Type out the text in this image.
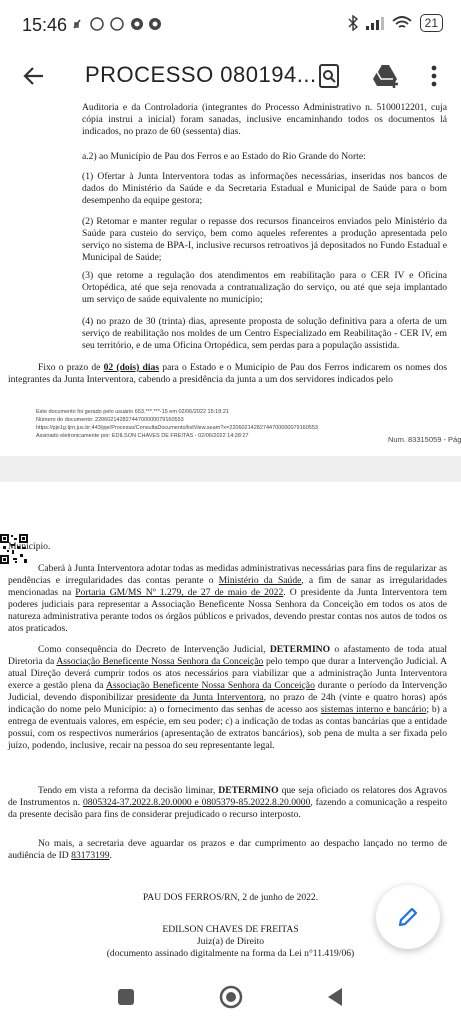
15:46	21
PROCESSO 080194...

Auditoria e da Controladoria (integrantes do Processo Administrativo n. 5100012201, cuja cópia instrui a inicial) foram sanadas, inclusive encaminhando todos os documentos lá indicados, no prazo de 60 (sessenta) dias.

a.2) ao Município de Pau dos Ferros e ao Estado do Rio Grande do Norte:

(1) Ofertar à Junta Interventora todas as informações necessárias, inseridas nos bancos de dados do Ministério da Saúde e da Secretaria Estadual e Municipal de Saúde para o bom desempenho da equipe gestora;

(2) Retomar e manter regular o repasse dos recursos financeiros enviados pelo Ministério da Saúde para custeio do serviço, bem como aqueles referentes a produção apresentada pelo serviço no sistema de BPA-I, inclusive recursos retroativos já depositados no Fundo Estadual e Municipal de Saúde;

(3) que retome a regulação dos atendimentos em reabilitação para o CER IV e Oficina Ortopédica, até que seja renovada a contratualização do serviço, ou até que seja implantado um serviço de saúde equivalente no município;

(4) no prazo de 30 (trinta) dias, apresente proposta de solução definitiva para a oferta de um serviço de reabilitação nos moldes de um Centro Especializado em Reabilitação - CER IV, em seu território, e de uma Oficina Ortopédica, sem perdas para a população assistida.

Fixo o prazo de 02 (dois) dias para o Estado e o Município de Pau dos Ferros indicarem os nomes dos integrantes da Junta Interventora, cabendo a presidência da junta a um dos servidores indicados pelo

Este documento foi gerado pelo usuário 653.***.***-15 em 02/06/2022 15:18:21
Número do documento: 22060214282744700000079160553
https://pje1g.tjrn.jus.br:443/pje/Processo/ConsultaDocumento/listView.seam?x=22060214282744700000079160553
Assinado eletronicamente por: EDILSON CHAVES DE FREITAS - 02/06/2022 14:28:27	Num. 83315059 - Pág

Município.

Caberá à Junta Interventora adotar todas as medidas administrativas necessárias para fins de regularizar as pendências e irregularidades das contas perante o Ministério da Saúde, a fim de sanar as irregularidades mencionadas na Portaria GM/MS Nº 1.279, de 27 de maio de 2022. O presidente da Junta Interventora tem poderes judiciais para representar a Associação Beneficente Nossa Senhora da Conceição em todos os atos de natureza administrativa perante todos os órgãos públicos e privados, devendo prestar contas nos autos de todos os atos praticados.

Como consequência do Decreto de Intervenção Judicial, DETERMINO o afastamento de toda atual Diretoria da Associação Beneficente Nossa Senhora da Conceição pelo tempo que durar a Intervenção Judicial. A atual Direção deverá cumprir todos os atos necessários para viabilizar que a administração Junta Interventora exerce a gestão plena da Associação Beneficente Nossa Senhora da Conceição durante o período da Intervenção Judicial, devendo disponibilizar presidente da Junta Interventora, no prazo de 24h (vinte e quatro horas) após indicação do nome pelo Município: a) o fornecimento das senhas de acesso aos sistemas interno e bancário; b) a entrega de eventuais valores, em espécie, em seu poder; c) a indicação de todas as contas bancárias que a entidade possui, com os respectivos numerários (apresentação de extratos bancários), sob pena de multa a ser fixada pelo juízo, podendo, inclusive, recair na pessoa do seu representante legal.

Tendo em vista a reforma da decisão liminar, DETERMINO que seja oficiado os relatores dos Agravos de Instrumentos n. 0805324-37.2022.8.20.0000 e 0805379-85.2022.8.20.0000, fazendo a comunicação a respeito da presente decisão para fins de considerar prejudicado o recurso interposto.

No mais, a secretaria deve aguardar os prazos e dar cumprimento ao despacho lançado no termo de audiência de ID 83173199.

PAU DOS FERROS/RN, 2 de junho de 2022.

EDILSON CHAVES DE FREITAS

Juiz(a) de Direito

(documento assinado digitalmente na forma da Lei n°11.419/06)
